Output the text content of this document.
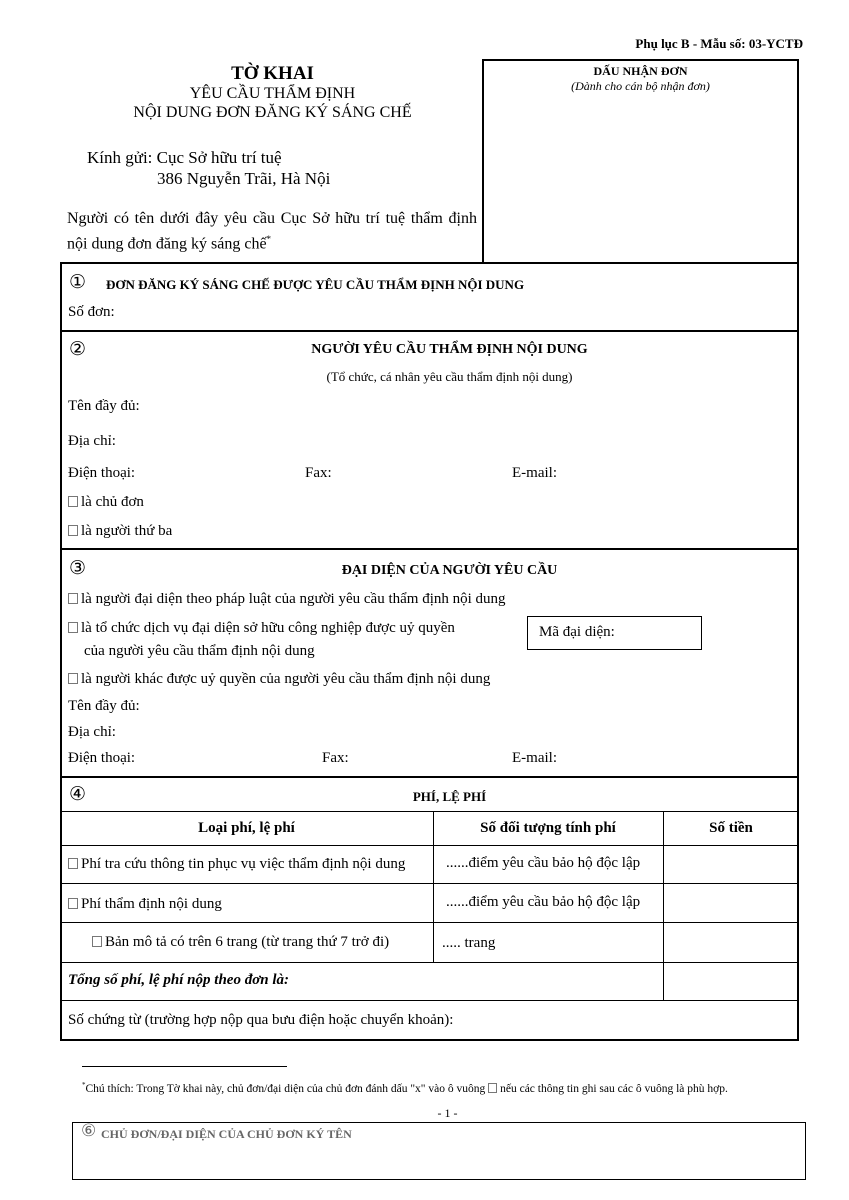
Phụ lục B - Mẫu số: 03-YCTĐ
TỜ KHAI
YÊU CẦU THẨM ĐỊNH
NỘI DUNG ĐƠN ĐĂNG KÝ SÁNG CHẾ
Kính gửi: Cục Sở hữu trí tuệ
386 Nguyễn Trãi, Hà Nội
Người có tên dưới đây yêu cầu Cục Sở hữu trí tuệ thẩm định nội dung đơn đăng ký sáng chế*
DẤU NHẬN ĐƠN
(Dành cho cán bộ nhận đơn)
① ĐƠN ĐĂNG KÝ SÁNG CHẾ ĐƯỢC YÊU CẦU THẨM ĐỊNH NỘI DUNG
Số đơn:
②	NGƯỜI YÊU CẦU THẨM ĐỊNH NỘI DUNG
(Tổ chức, cá nhân yêu cầu thẩm định nội dung)
Tên đầy đủ:
Địa chỉ:
Điện thoại:	Fax:	E-mail:
là chủ đơn
là người thứ ba
③	ĐẠI DIỆN CỦA NGƯỜI YÊU CẦU
là người đại diện theo pháp luật của người yêu cầu thẩm định nội dung
là tổ chức dịch vụ đại diện sở hữu công nghiệp được uỷ quyền
của người yêu cầu thẩm định nội dung
Mã đại diện:
là người khác được uỷ quyền của người yêu cầu thẩm định nội dung
Tên đầy đủ:
Địa chỉ:
Điện thoại:	Fax:	E-mail:
④	PHÍ, LỆ PHÍ
Loại phí, lệ phí	Số đối tượng tính phí	Số tiền
Phí tra cứu thông tin phục vụ việc thẩm định nội dung	......điểm yêu cầu bảo hộ độc lập
Phí thẩm định nội dung	......điểm yêu cầu bảo hộ độc lập
Bản mô tả có trên 6 trang (từ trang thứ 7 trở đi)	..... trang
Tổng số phí, lệ phí nộp theo đơn là:
Số chứng từ (trường hợp nộp qua bưu điện hoặc chuyển khoản):
*Chú thích: Trong Tờ khai này, chủ đơn/đại diện của chủ đơn đánh dấu "x" vào ô vuông nếu các thông tin ghi sau các ô vuông là phù hợp.
- 1 -
⑥ CHỦ ĐƠN/ĐẠI DIỆN CỦA CHỦ ĐƠN KÝ TÊN
